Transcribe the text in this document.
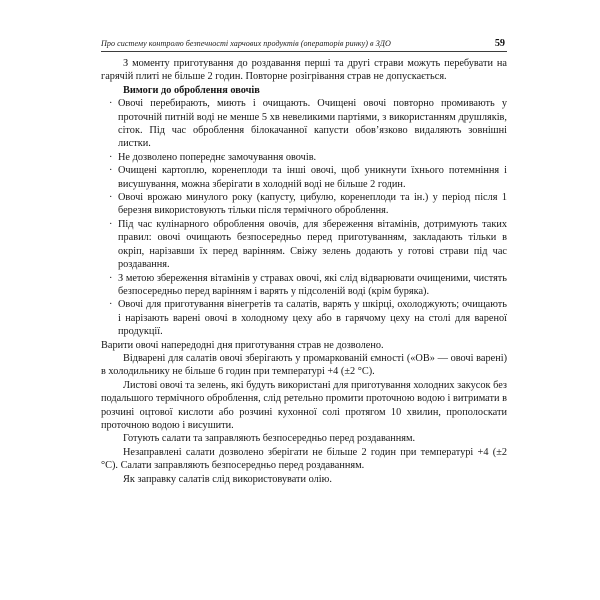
Про систему контролю безпечності харчових продуктів (операторів ринку) в ЗДО	59

З моменту приготування до роздавання перші та другі страви можуть перебувати на гарячій плиті не більше 2 годин. Повторне розігрівання страв не допускається.

Вимоги до оброблення овочів

· Овочі перебирають, миють і очищають. Очищені овочі повторно промивають у проточній питній воді не менше 5 хв невеликими партіями, з використанням друшляків, сіток. Під час оброблення білокачанної капусти обов’язково видаляють зовнішні листки.
· Не дозволено попереднє замочування овочів.
· Очищені картоплю, коренеплоди та інші овочі, щоб уникнути їхнього потемніння і висушування, можна зберігати в холодній воді не більше 2 годин.
· Овочі врожаю минулого року (капусту, цибулю, коренеплоди та ін.) у період після 1 березня використовують тільки після термічного оброблення.
· Під час кулінарного оброблення овочів, для збереження вітамінів, дотримують таких правил: овочі очищають безпосередньо перед приготуванням, закладають тільки в окріп, нарізавши їх перед варінням. Свіжу зелень додають у готові страви під час роздавання.
· З метою збереження вітамінів у стравах овочі, які слід відварювати очищеними, чистять безпосередньо перед варінням і варять у підсоленій воді (крім буряка).
· Овочі для приготування вінегретів та салатів, варять у шкірці, охолоджують; очищають і нарізають варені овочі в холодному цеху або в гарячому цеху на столі для вареної продукції.

Варити овочі напередодні дня приготування страв не дозволено.

Відварені для салатів овочі зберігають у промаркованій ємності («ОВ» — овочі варені) в холодильнику не більше 6 годин при температурі +4 (±2 °C).

Листові овочі та зелень, які будуть використані для приготування холодних закусок без подальшого термічного оброблення, слід ретельно промити проточною водою і витримати в розчині оцтової кислоти або розчині кухонної солі протягом 10 хвилин, прополоскати проточною водою і висушити.

Готують салати та заправляють безпосередньо перед роздаванням.

Незаправлені салати дозволено зберігати не більше 2 годин при температурі +4 (±2 °C). Салати заправляють безпосередньо перед роздаванням.

Як заправку салатів слід використовувати олію.
